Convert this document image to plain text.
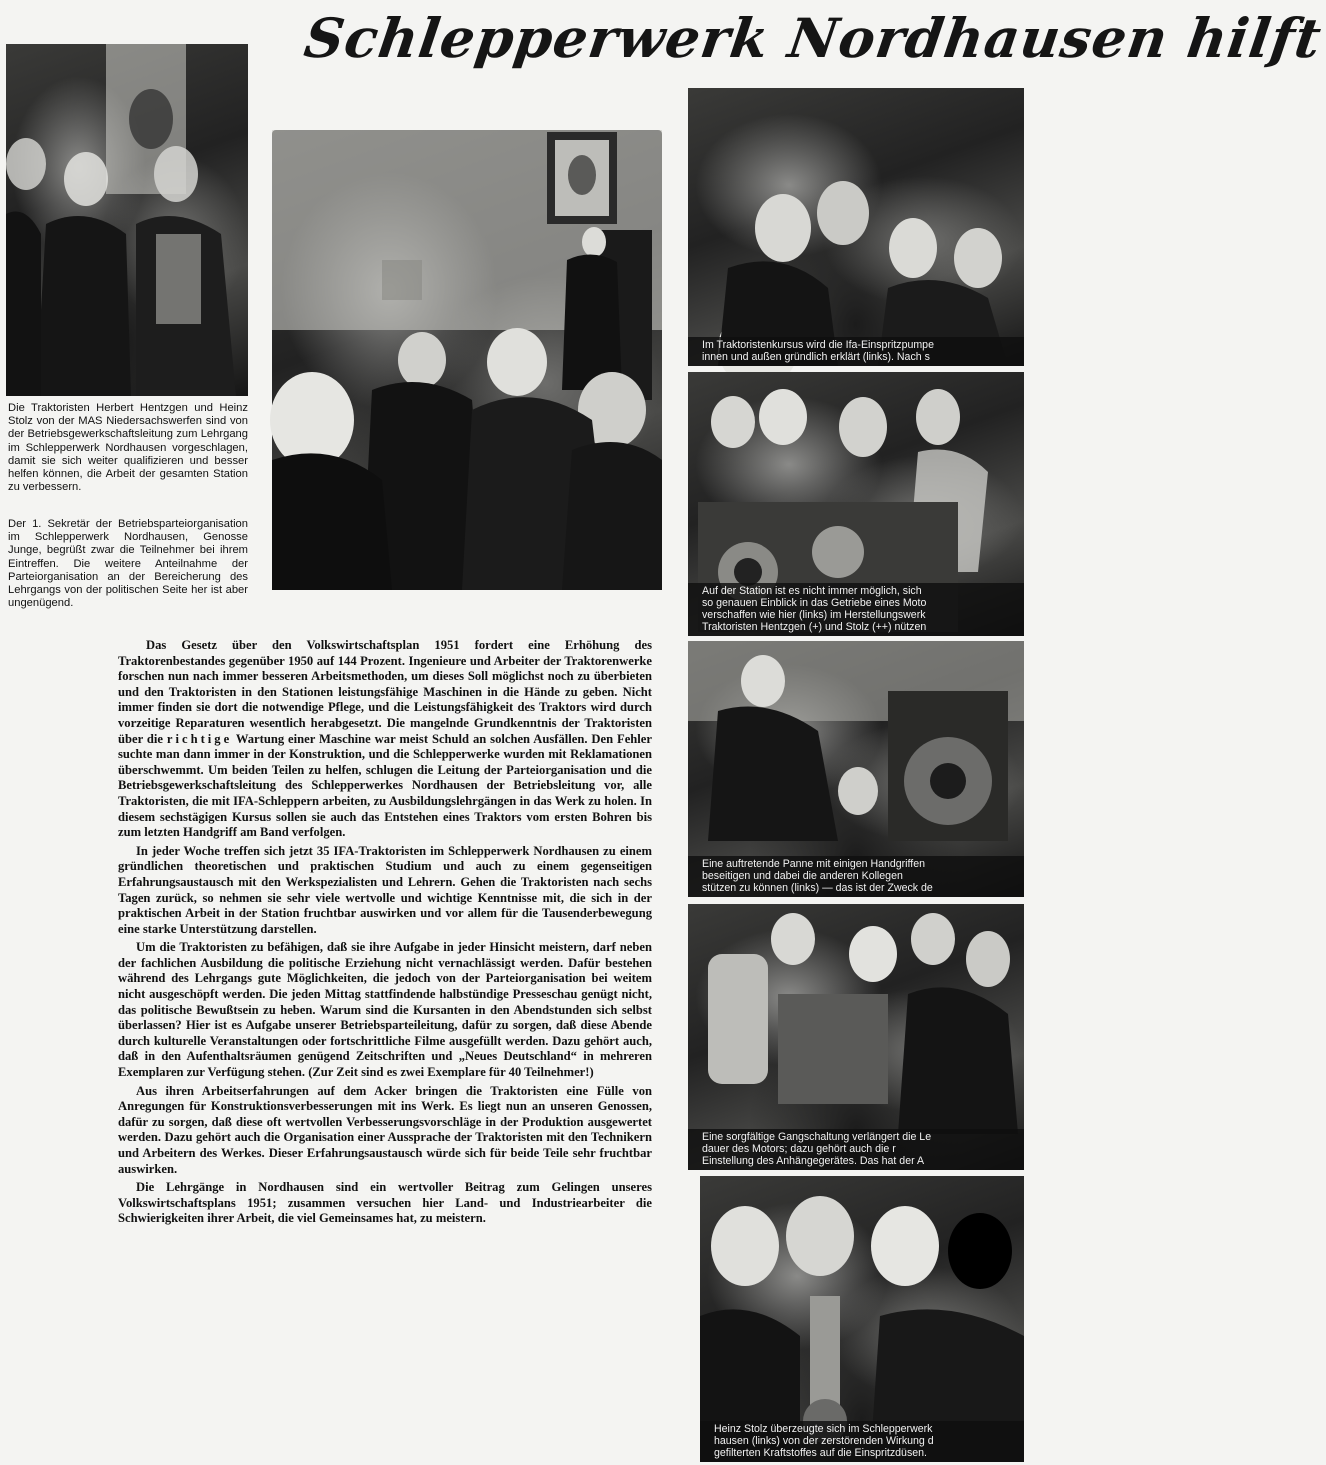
Schlepperwerk Nordhausen hilft

Die Traktoristen Herbert Hentzgen und Heinz Stolz von der MAS Niedersachswerfen sind von der Betriebsgewerkschaftsleitung zum Lehrgang im Schlepperwerk Nordhausen vorgeschlagen, damit sie sich weiter qualifizieren und besser helfen können, die Arbeit der gesamten Station zu verbessern.

Der 1. Sekretär der Betriebsparteiorganisation im Schlepperwerk Nordhausen, Genosse Junge, begrüßt zwar die Teilnehmer bei ihrem Eintreffen. Die weitere Anteilnahme der Parteiorganisation an der Bereicherung des Lehrgangs von der politischen Seite her ist aber ungenügend.

Im Traktoristenkursus wird die Ifa-Einspritzpumpe
innen und außen gründlich erklärt (links). Nach s
Auf der Station ist es nicht immer möglich, sich
so genauen Einblick in das Getriebe eines Moto
verschaffen wie hier (links) im Herstellungswerk
Traktoristen Hentzgen (+) und Stolz (++) nützen
Eine auftretende Panne mit einigen Handgriffen
beseitigen und dabei die anderen Kollegen
stützen zu können (links) — das ist der Zweck de
Eine sorgfältige Gangschaltung verlängert die Le
dauer des Motors; dazu gehört auch die r
Einstellung des Anhängegerätes. Das hat der A
Heinz Stolz überzeugte sich im Schlepperwerk
hausen (links) von der zerstörenden Wirkung d
gefilterten Kraftstoffes auf die Einspritzdüsen.

Das Gesetz über den Volkswirtschaftsplan 1951 fordert eine Erhöhung des Traktorenbestandes gegenüber 1950 auf 144 Prozent. Ingenieure und Arbeiter der Traktorenwerke forschen nun nach immer besseren Arbeitsmethoden, um dieses Soll möglichst noch zu überbieten und den Traktoristen in den Stationen leistungsfähige Maschinen in die Hände zu geben. Nicht immer finden sie dort die notwendige Pflege, und die Leistungsfähigkeit des Traktors wird durch vorzeitige Reparaturen wesentlich herabgesetzt. Die mangelnde Grundkenntnis der Traktoristen über die richtige Wartung einer Maschine war meist Schuld an solchen Ausfällen. Den Fehler suchte man dann immer in der Konstruktion, und die Schlepperwerke wurden mit Reklamationen überschwemmt. Um beiden Teilen zu helfen, schlugen die Leitung der Parteiorganisation und die Betriebsgewerkschaftsleitung des Schlepperwerkes Nordhausen der Betriebsleitung vor, alle Traktoristen, die mit IFA-Schleppern arbeiten, zu Ausbildungslehrgängen in das Werk zu holen. In diesem sechstägigen Kursus sollen sie auch das Entstehen eines Traktors vom ersten Bohren bis zum letzten Handgriff am Band verfolgen.

In jeder Woche treffen sich jetzt 35 IFA-Traktoristen im Schlepperwerk Nordhausen zu einem gründlichen theoretischen und praktischen Studium und auch zu einem gegenseitigen Erfahrungsaustausch mit den Werkspezialisten und Lehrern. Gehen die Traktoristen nach sechs Tagen zurück, so nehmen sie sehr viele wertvolle und wichtige Kenntnisse mit, die sich in der praktischen Arbeit in der Station fruchtbar auswirken und vor allem für die Tausenderbewegung eine starke Unterstützung darstellen.

Um die Traktoristen zu befähigen, daß sie ihre Aufgabe in jeder Hinsicht meistern, darf neben der fachlichen Ausbildung die politische Erziehung nicht vernachlässigt werden. Dafür bestehen während des Lehrgangs gute Möglichkeiten, die jedoch von der Parteiorganisation bei weitem nicht ausgeschöpft werden. Die jeden Mittag stattfindende halbstündige Presseschau genügt nicht, das politische Bewußtsein zu heben. Warum sind die Kursanten in den Abendstunden sich selbst überlassen? Hier ist es Aufgabe unserer Betriebsparteileitung, dafür zu sorgen, daß diese Abende durch kulturelle Veranstaltungen oder fortschrittliche Filme ausgefüllt werden. Dazu gehört auch, daß in den Aufenthaltsräumen genügend Zeitschriften und „Neues Deutschland“ in mehreren Exemplaren zur Verfügung stehen. (Zur Zeit sind es zwei Exemplare für 40 Teilnehmer!)

Aus ihren Arbeitserfahrungen auf dem Acker bringen die Traktoristen eine Fülle von Anregungen für Konstruktionsverbesserungen mit ins Werk. Es liegt nun an unseren Genossen, dafür zu sorgen, daß diese oft wertvollen Verbesserungsvorschläge in der Produktion ausgewertet werden. Dazu gehört auch die Organisation einer Aussprache der Traktoristen mit den Technikern und Arbeitern des Werkes. Dieser Erfahrungsaustausch würde sich für beide Teile sehr fruchtbar auswirken.

Die Lehrgänge in Nordhausen sind ein wertvoller Beitrag zum Gelingen unseres Volkswirtschaftsplans 1951; zusammen versuchen hier Land- und Industriearbeiter die Schwierigkeiten ihrer Arbeit, die viel Gemeinsames hat, zu meistern.
